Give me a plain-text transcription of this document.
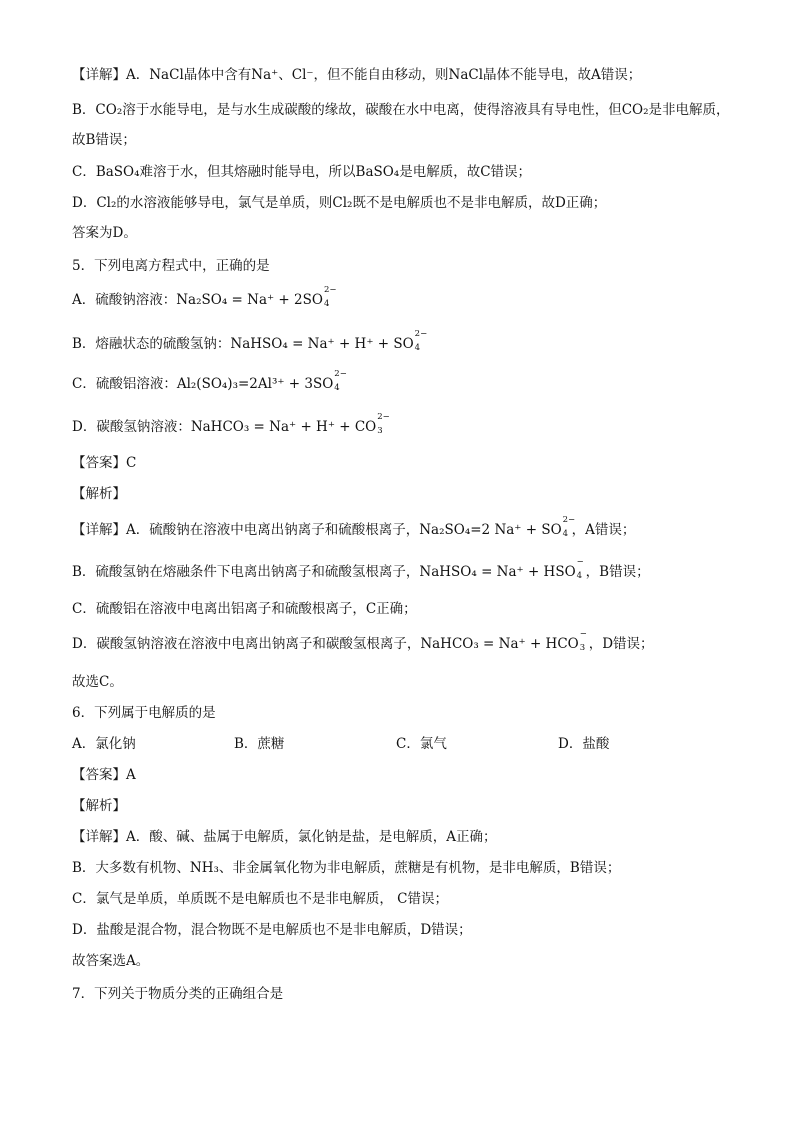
【详解】A．NaCl晶体中含有Na⁺、Cl⁻，但不能自由移动，则NaCl晶体不能导电，故A错误；
B．CO₂溶于水能导电，是与水生成碳酸的缘故，碳酸在水中电离，使得溶液具有导电性，但CO₂是非电解质，
故B错误；
C．BaSO₄难溶于水，但其熔融时能导电，所以BaSO₄是电解质，故C错误；
D．Cl₂的水溶液能够导电，氯气是单质，则Cl₂既不是电解质也不是非电解质，故D正确；
答案为D。
5．下列电离方程式中，正确的是
A．硫酸钠溶液：Na₂SO₄ = Na⁺ + 2SO
2−
4
B．熔融状态的硫酸氢钠：NaHSO₄ = Na⁺ + H⁺ + SO
2−
4
C．硫酸铝溶液：Al₂(SO₄)₃=2Al³⁺ + 3SO
2−
4
D．碳酸氢钠溶液：NaHCO₃ = Na⁺ + H⁺ + CO
2−
3
【答案】C
【解析】
【详解】A．硫酸钠在溶液中电离出钠离子和硫酸根离子，Na₂SO₄=2 Na⁺ + SO
2−
4 ，A错误；
B．硫酸氢钠在熔融条件下电离出钠离子和硫酸氢根离子，NaHSO₄ = Na⁺ + HSO
−
4 ，B错误；
C．硫酸铝在溶液中电离出铝离子和硫酸根离子，C正确；
D．碳酸氢钠溶液在溶液中电离出钠离子和碳酸氢根离子，NaHCO₃ = Na⁺ + HCO
−
3 ，D错误；
故选C。
6．下列属于电解质的是
A．氯化钠	B．蔗糖	C．氯气	D．盐酸
【答案】A
【解析】
【详解】A．酸、碱、盐属于电解质，氯化钠是盐，是电解质，A正确；
B．大多数有机物、NH₃、非金属氧化物为非电解质，蔗糖是有机物，是非电解质，B错误；
C．氯气是单质，单质既不是电解质也不是非电解质， C错误；
D．盐酸是混合物，混合物既不是电解质也不是非电解质，D错误；
故答案选A。
7．下列关于物质分类的正确组合是
